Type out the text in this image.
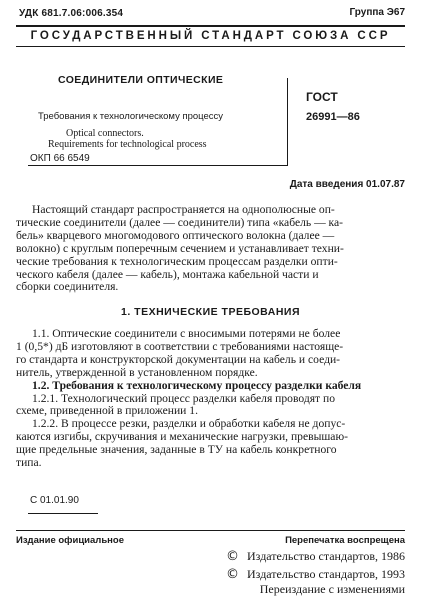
УДК 681.7.06:006.354	Группа Э67
ГОСУДАРСТВЕННЫЙ СТАНДАРТ СОЮЗА ССР
СОЕДИНИТЕЛИ ОПТИЧЕСКИЕ
Требования к технологическому процессу
Optical connectors.
Requirements for technological process
ОКП 66 6549
ГОСТ
26991—86
Дата введения 01.07.87

Настоящий стандарт распространяется на однополюсные оп-

тические соединители (далее — соединители) типа «кабель — ка-

бель» кварцевого многомодового оптического волокна (далее —

волокно) с круглым поперечным сечением и устанавливает техни-

ческие требования к технологическим процессам разделки опти-

ческого кабеля (далее — кабель), монтажа кабельной части и

сборки соединителя.

1. ТЕХНИЧЕСКИЕ ТРЕБОВАНИЯ

1.1. Оптические соединители с вносимыми потерями не более

1 (0,5*) дБ изготовляют в соответствии с требованиями настояще-

го стандарта и конструкторской документации на кабель и соеди-

нитель, утвержденной в установленном порядке.

1.2. Требования к технологическому процессу разделки кабеля

1.2.1. Технологический процесс разделки кабеля проводят по

схеме, приведенной в приложении 1.

1.2.2. В процессе резки, разделки и обработки кабеля не допус-

каются изгибы, скручивания и механические нагрузки, превышаю-

щие предельные значения, заданные в ТУ на кабель конкретного

типа.

С 01.01.90
Издание официальное	Перепечатка воспрещена
© Издательство стандартов, 1986
© Издательство стандартов, 1993
Переиздание с изменениями
